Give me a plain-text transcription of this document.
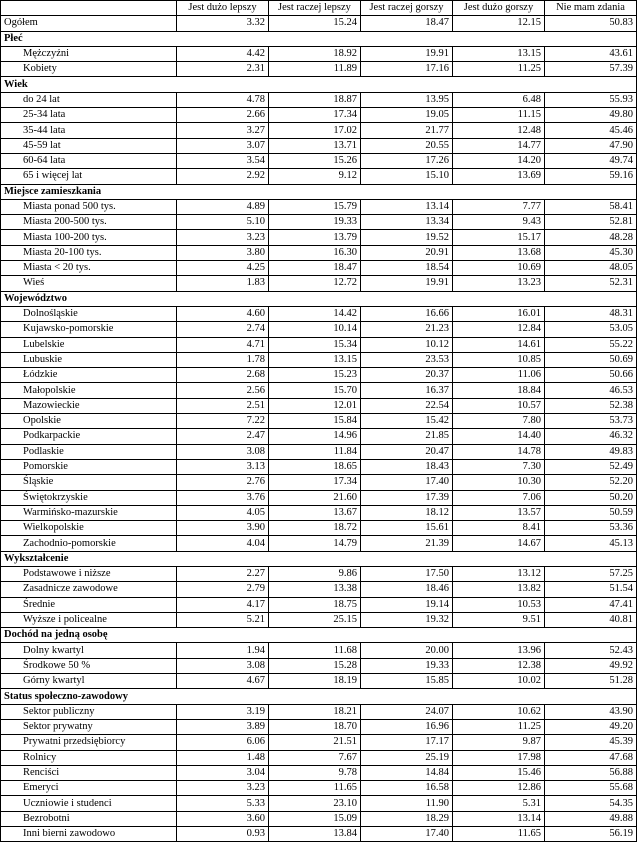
	Jest dużo lepszy	Jest raczej lepszy	Jest raczej gorszy	Jest dużo gorszy	Nie mam zdania
Ogółem	3.32	15.24	18.47	12.15	50.83
Płeć					
Mężczyźni	4.42	18.92	19.91	13.15	43.61
Kobiety	2.31	11.89	17.16	11.25	57.39
Wiek					
do 24 lat	4.78	18.87	13.95	6.48	55.93
25-34 lata	2.66	17.34	19.05	11.15	49.80
35-44 lata	3.27	17.02	21.77	12.48	45.46
45-59 lat	3.07	13.71	20.55	14.77	47.90
60-64 lata	3.54	15.26	17.26	14.20	49.74
65 i więcej lat	2.92	9.12	15.10	13.69	59.16
Miejsce zamieszkania					
Miasta ponad 500 tys.	4.89	15.79	13.14	7.77	58.41
Miasta 200-500 tys.	5.10	19.33	13.34	9.43	52.81
Miasta 100-200 tys.	3.23	13.79	19.52	15.17	48.28
Miasta 20-100 tys.	3.80	16.30	20.91	13.68	45.30
Miasta < 20 tys.	4.25	18.47	18.54	10.69	48.05
Wieś	1.83	12.72	19.91	13.23	52.31
Województwo					
Dolnośląskie	4.60	14.42	16.66	16.01	48.31
Kujawsko-pomorskie	2.74	10.14	21.23	12.84	53.05
Lubelskie	4.71	15.34	10.12	14.61	55.22
Lubuskie	1.78	13.15	23.53	10.85	50.69
Łódzkie	2.68	15.23	20.37	11.06	50.66
Małopolskie	2.56	15.70	16.37	18.84	46.53
Mazowieckie	2.51	12.01	22.54	10.57	52.38
Opolskie	7.22	15.84	15.42	7.80	53.73
Podkarpackie	2.47	14.96	21.85	14.40	46.32
Podlaskie	3.08	11.84	20.47	14.78	49.83
Pomorskie	3.13	18.65	18.43	7.30	52.49
Śląskie	2.76	17.34	17.40	10.30	52.20
Świętokrzyskie	3.76	21.60	17.39	7.06	50.20
Warmińsko-mazurskie	4.05	13.67	18.12	13.57	50.59
Wielkopolskie	3.90	18.72	15.61	8.41	53.36
Zachodnio-pomorskie	4.04	14.79	21.39	14.67	45.13
Wykształcenie					
Podstawowe i niższe	2.27	9.86	17.50	13.12	57.25
Zasadnicze zawodowe	2.79	13.38	18.46	13.82	51.54
Średnie	4.17	18.75	19.14	10.53	47.41
Wyższe i policealne	5.21	25.15	19.32	9.51	40.81
Dochód na jedną osobę					
Dolny kwartyl	1.94	11.68	20.00	13.96	52.43
Środkowe 50 %	3.08	15.28	19.33	12.38	49.92
Górny kwartyl	4.67	18.19	15.85	10.02	51.28
Status społeczno-zawodowy					
Sektor publiczny	3.19	18.21	24.07	10.62	43.90
Sektor prywatny	3.89	18.70	16.96	11.25	49.20
Prywatni przedsiębiorcy	6.06	21.51	17.17	9.87	45.39
Rolnicy	1.48	7.67	25.19	17.98	47.68
Renciści	3.04	9.78	14.84	15.46	56.88
Emeryci	3.23	11.65	16.58	12.86	55.68
Uczniowie i studenci	5.33	23.10	11.90	5.31	54.35
Bezrobotni	3.60	15.09	18.29	13.14	49.88
Inni bierni zawodowo	0.93	13.84	17.40	11.65	56.19
